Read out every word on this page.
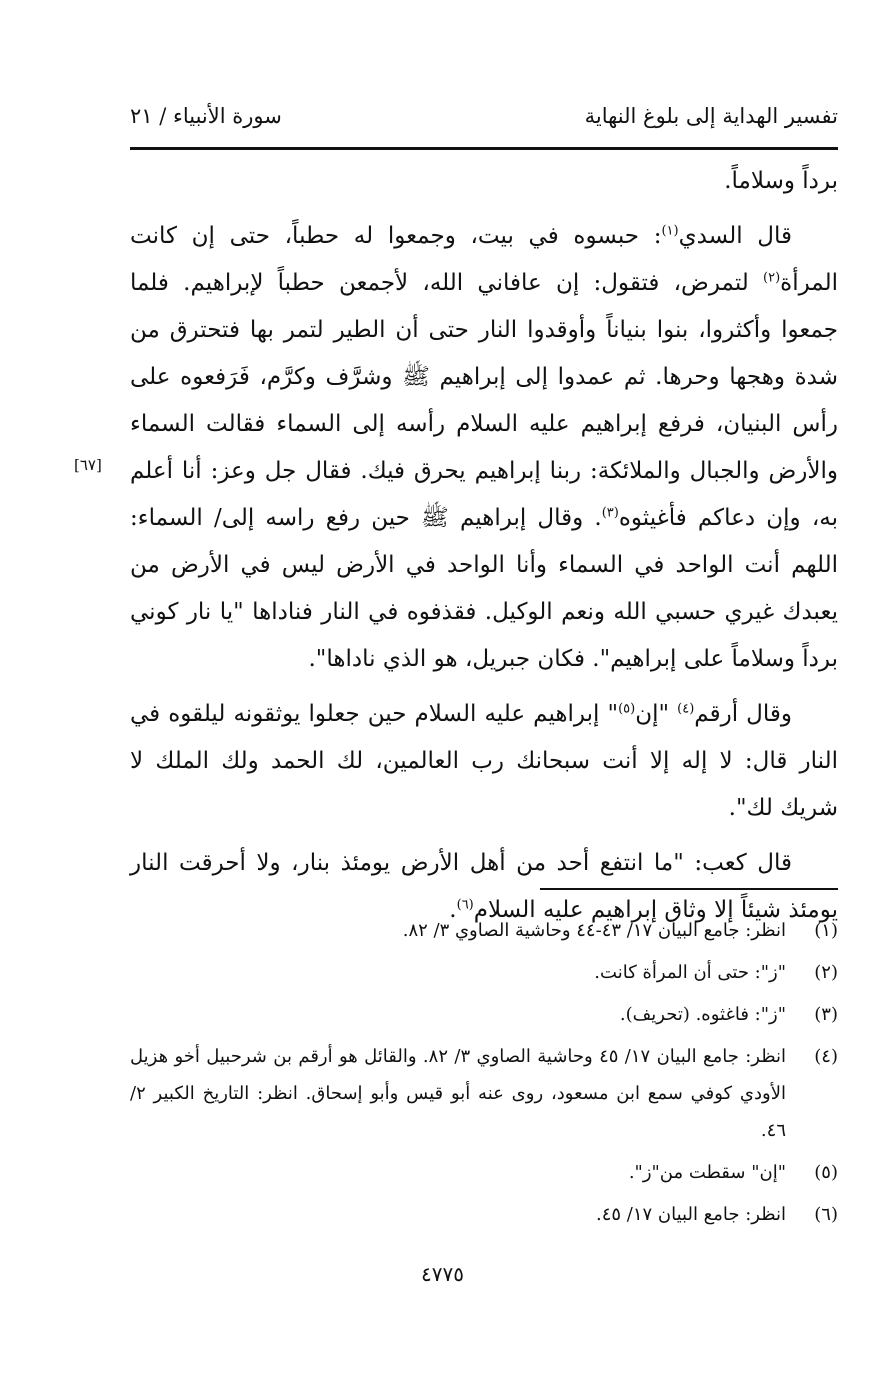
تفسير الهداية إلى بلوغ النهاية
سورة الأنبياء / ٢١
[٦٧]

برداً وسلاماً.

قال السدي$^{(١)}$: حبسوه في بيت، وجمعوا له حطباً، حتى إن كانت المرأة$^{(٢)}$ لتمرض، فتقول: إن عافاني الله، لأجمعن حطباً لإبراهيم. فلما جمعوا وأكثروا، بنوا بنياناً وأوقدوا النار حتى أن الطير لتمر بها فتحترق من شدة وهجها وحرها. ثم عمدوا إلى إبراهيم ﷺ وشرَّف وكرَّم، فَرَفعوه على رأس البنيان، فرفع إبراهيم عليه السلام رأسه إلى السماء فقالت السماء والأرض والجبال والملائكة: ربنا إبراهيم يحرق فيك. فقال جل وعز: أنا أعلم به، وإن دعاكم فأغيثوه$^{(٣)}$. وقال إبراهيم ﷺ حين رفع راسه إلى/ السماء: اللهم أنت الواحد في السماء وأنا الواحد في الأرض ليس في الأرض من يعبدك غيري حسبي الله ونعم الوكيل. فقذفوه في النار فناداها "يا نار كوني برداً وسلاماً على إبراهيم". فكان جبريل، هو الذي ناداها".

وقال أرقم$^{(٤)}$ "إن$^{(٥)}$" إبراهيم عليه السلام حين جعلوا يوثقونه ليلقوه في النار قال: لا إله إلا أنت سبحانك رب العالمين، لك الحمد ولك الملك لا شريك لك".

قال كعب: "ما انتفع أحد من أهل الأرض يومئذ بنار، ولا أحرقت النار يومئذ شيئاً إلا وثاق إبراهيم عليه السلام$^{(٦)}$.

(١)
انظر: جامع البيان ١٧/ ٤٣-٤٤ وحاشية الصاوي ٣/ ٨٢.
(٢)
"ز": حتى أن المرأة كانت.
(٣)
"ز": فاغثوه. (تحريف).
(٤)
انظر: جامع البيان ١٧/ ٤٥ وحاشية الصاوي ٣/ ٨٢. والقائل هو أرقم بن شرحبيل أخو هزيل الأودي كوفي سمع ابن مسعود، روى عنه أبو قيس وأبو إسحاق. انظر: التاريخ الكبير ٢/ ٤٦.
(٥)
"إن" سقطت من"ز".
(٦)
انظر: جامع البيان ١٧/ ٤٥.
٤٧٧٥
